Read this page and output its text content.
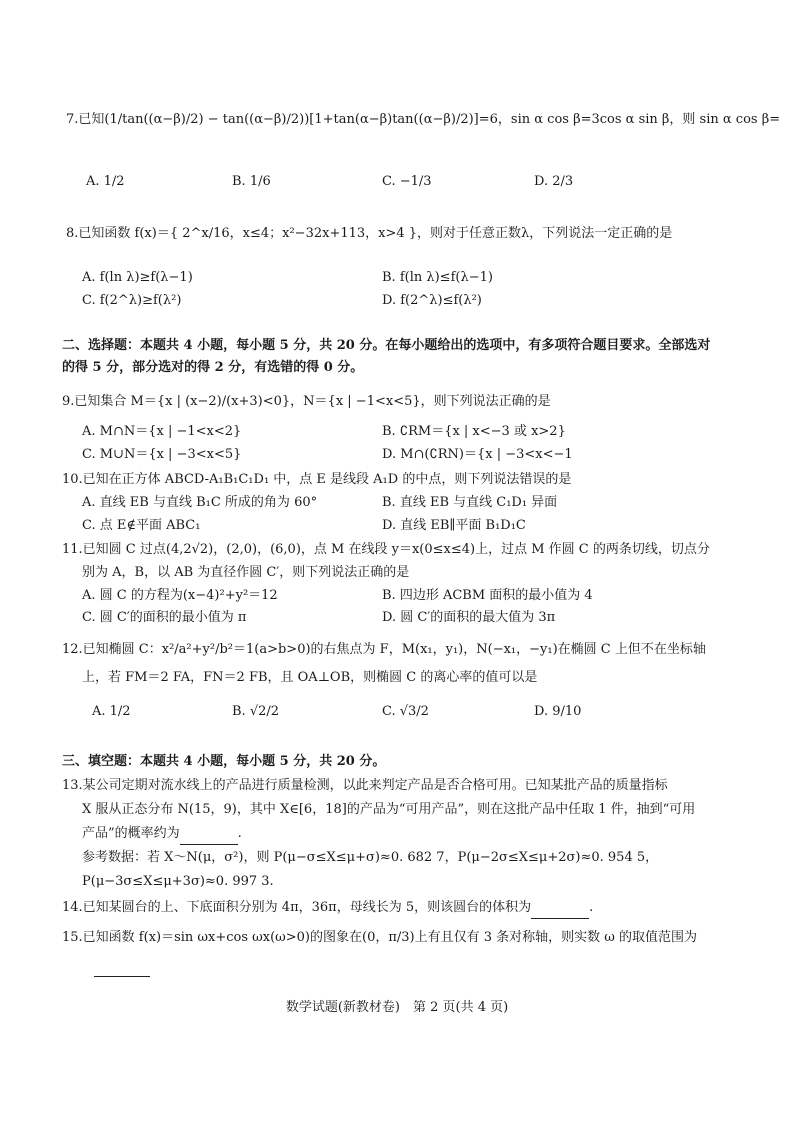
7.已知(1/tan((α−β)/2) − tan((α−β)/2))[1+tan(α−β)tan((α−β)/2)]=6，sin α cos β=3cos α sin β，则 sin α cos β=
A. 1/2	B. 1/6	C. −1/3	D. 2/3
8.已知函数 f(x)＝{ 2^x/16，x≤4；x²−32x+113，x>4 }，则对于任意正数λ，下列说法一定正确的是
A. f(ln λ)≥f(λ−1)	B. f(ln λ)≤f(λ−1)
C. f(2^λ)≥f(λ²)	D. f(2^λ)≤f(λ²)
二、选择题：本题共 4 小题，每小题 5 分，共 20 分。在每小题给出的选项中，有多项符合题目要求。全部选对
的得 5 分，部分选对的得 2 分，有选错的得 0 分。
9.已知集合 M＝{x | (x−2)/(x+3)<0}，N＝{x | −1<x<5}，则下列说法正确的是
A. M∩N＝{x | −1<x<2}	B. ∁RM＝{x | x<−3 或 x>2}
C. M∪N＝{x | −3<x<5}	D. M∩(∁RN)＝{x | −3<x<−1
10.已知在正方体 ABCD-A₁B₁C₁D₁ 中，点 E 是线段 A₁D 的中点，则下列说法错误的是
A. 直线 EB 与直线 B₁C 所成的角为 60°	B. 直线 EB 与直线 C₁D₁ 异面
C. 点 E∉平面 ABC₁	D. 直线 EB∥平面 B₁D₁C
11.已知圆 C 过点(4,2√2)，(2,0)，(6,0)，点 M 在线段 y＝x(0≤x≤4)上，过点 M 作圆 C 的两条切线，切点分
别为 A，B，以 AB 为直径作圆 C′，则下列说法正确的是
A. 圆 C 的方程为(x−4)²+y²＝12	B. 四边形 ACBM 面积的最小值为 4
C. 圆 C′的面积的最小值为 π	D. 圆 C′的面积的最大值为 3π
12.已知椭圆 C：x²/a²+y²/b²＝1(a>b>0)的右焦点为 F，M(x₁，y₁)，N(−x₁，−y₁)在椭圆 C 上但不在坐标轴
上，若 FM＝2 FA，FN＝2 FB，且 OA⊥OB，则椭圆 C 的离心率的值可以是
A. 1/2	B. √2/2	C. √3/2	D. 9/10
三、填空题：本题共 4 小题，每小题 5 分，共 20 分。
13.某公司定期对流水线上的产品进行质量检测，以此来判定产品是否合格可用。已知某批产品的质量指标
X 服从正态分布 N(15，9)，其中 X∈[6，18]的产品为“可用产品”，则在这批产品中任取 1 件，抽到“可用
产品”的概率约为	.
参考数据：若 X～N(μ，σ²)，则 P(μ−σ≤X≤μ+σ)≈0. 682 7，P(μ−2σ≤X≤μ+2σ)≈0. 954 5，
P(μ−3σ≤X≤μ+3σ)≈0. 997 3.
14.已知某圆台的上、下底面积分别为 4π，36π，母线长为 5，则该圆台的体积为	.
15.已知函数 f(x)＝sin ωx+cos ωx(ω>0)的图象在(0，π/3)上有且仅有 3 条对称轴，则实数 ω 的取值范围为

数学试题(新教材卷)　第 2 页(共 4 页)
